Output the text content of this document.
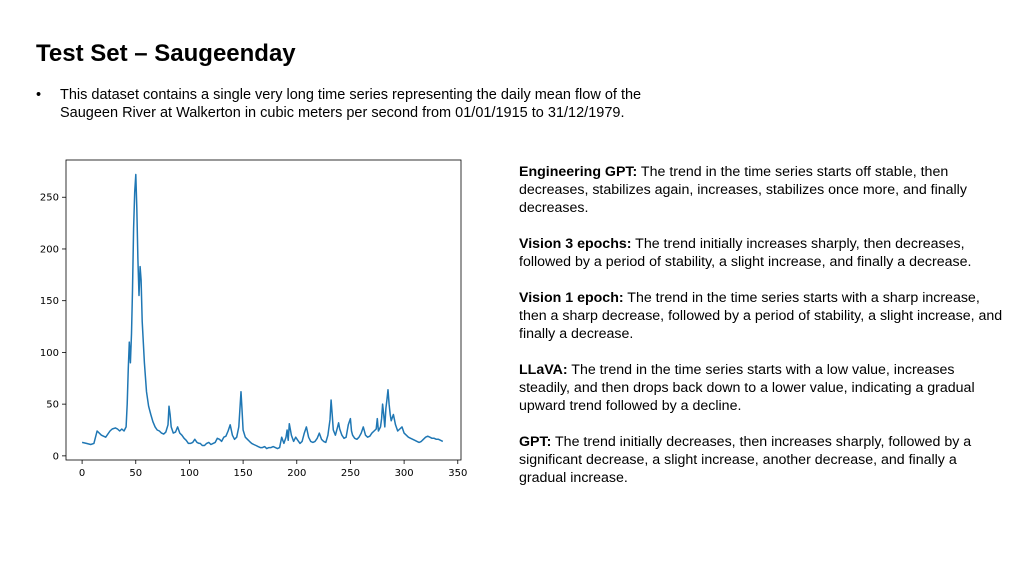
Test Set – Saugeenday
•	This dataset contains a single very long time series representing the daily mean flow of the Saugeen River at Walkerton in cubic meters per second from 01/01/1915 to 31/12/1979.
0	50	100	150	200	250	300	350
0
50
100
150
200
250

Engineering GPT: The trend in the time series starts off stable, then decreases, stabilizes again, increases, stabilizes once more, and finally decreases.

Vision 3 epochs: The trend initially increases sharply, then decreases, followed by a period of stability, a slight increase, and finally a decrease.

Vision 1 epoch: The trend in the time series starts with a sharp increase, then a sharp decrease, followed by a period of stability, a slight increase, and finally a decrease.

LLaVA: The trend in the time series starts with a low value, increases steadily, and then drops back down to a lower value, indicating a gradual upward trend followed by a decline.

GPT: The trend initially decreases, then increases sharply, followed by a significant decrease, a slight increase, another decrease, and finally a gradual increase.
